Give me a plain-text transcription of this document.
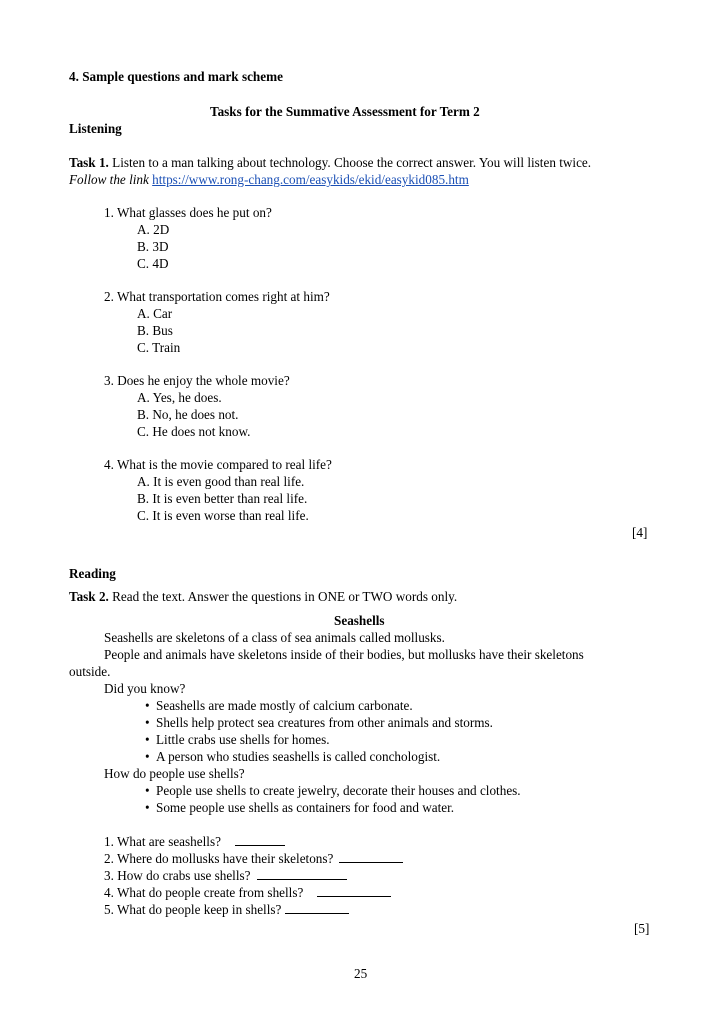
4. Sample questions and mark scheme
Tasks for the Summative Assessment for Term 2
Listening
Task 1. Listen to a man talking about technology. Choose the correct answer. You will listen twice.
Follow the link https://www.rong-chang.com/easykids/ekid/easykid085.htm
1. What glasses does he put on?
A. 2D
B. 3D
C. 4D
2. What transportation comes right at him?
A. Car
B. Bus
C. Train
3. Does he enjoy the whole movie?
A. Yes, he does.
B. No, he does not.
C. He does not know.
4. What is the movie compared to real life?
A. It is even good than real life.
B. It is even better than real life.
C. It is even worse than real life.
[4]
Reading
Task 2. Read the text. Answer the questions in ONE or TWO words only.
Seashells
Seashells are skeletons of a class of sea animals called mollusks.
People and animals have skeletons inside of their bodies, but mollusks have their skeletons
outside.
Did you know?
• Seashells are made mostly of calcium carbonate.
• Shells help protect sea creatures from other animals and storms.
• Little crabs use shells for homes.
• A person who studies seashells is called conchologist.
How do people use shells?
• People use shells to create jewelry, decorate their houses and clothes.
• Some people use shells as containers for food and water.
1. What are seashells?
2. Where do mollusks have their skeletons?
3. How do crabs use shells?
4. What do people create from shells?
5. What do people keep in shells?
[5]
25
